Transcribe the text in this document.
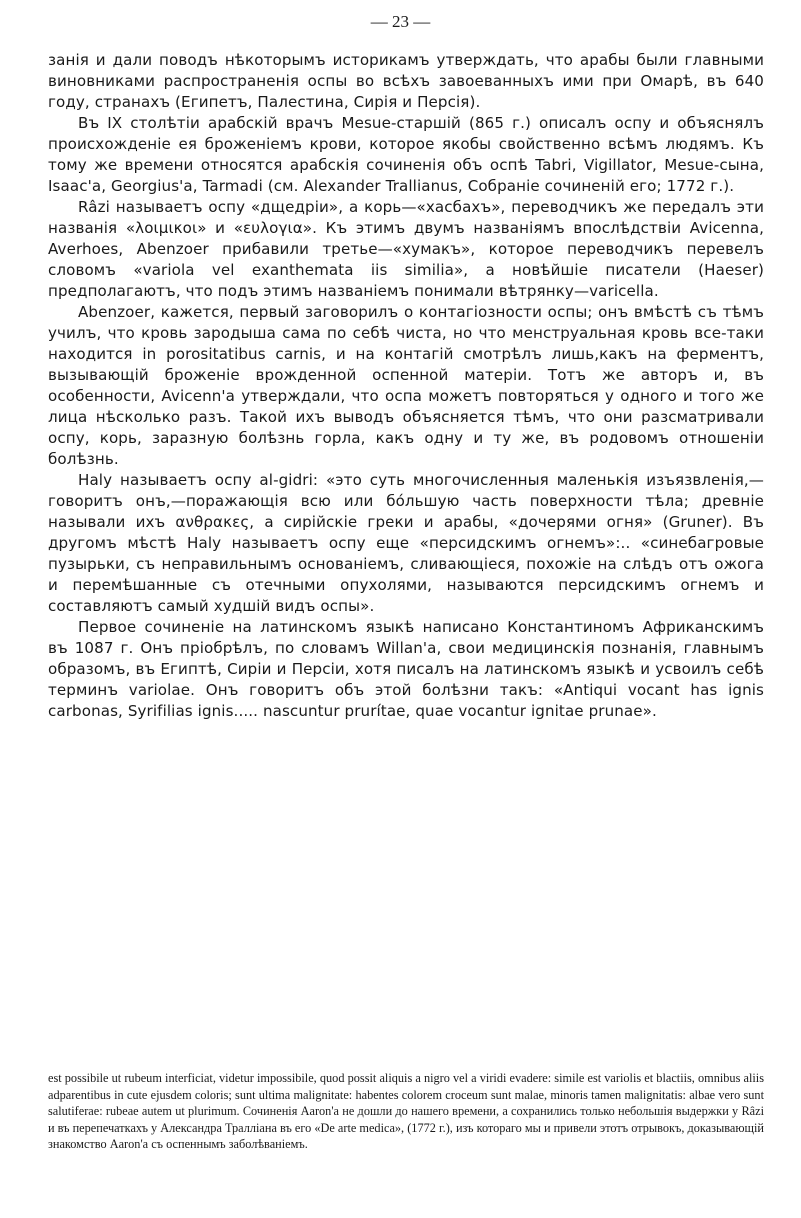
— 23 —

занія и дали поводъ нѣкоторымъ историкамъ утверждать, что арабы были главными виновниками распространенія оспы во всѣхъ завоеванныхъ ими при Омарѣ, въ 640 году, странахъ (Египетъ, Палестина, Сирія и Персія).

Въ IX столѣтіи арабскій врачъ Mesue-старшій (865 г.) описалъ оспу и объяснялъ происхожденіе ея броженіемъ крови, которое якобы свойственно всѣмъ людямъ. Къ тому же времени относятся арабскія сочиненія объ оспѣ Tabri, Vigillator, Mesue-сына, Isaac'a, Georgius'a, Tarmadi (см. Alexander Trallianus, Собраніе сочиненій его; 1772 г.).

Râzi называетъ оспу «дщедріи», а корь—«хасбахъ», переводчикъ же передалъ эти названія «λοιμικοι» и «ευλογια». Къ этимъ двумъ названіямъ впослѣдствіи Avicenna, Averhoes, Abenzoer прибавили третье—«хумакъ», которое переводчикъ перевелъ словомъ «variola vel exanthemata iis similia», а новѣйшіе писатели (Haeser) предполагаютъ, что подъ этимъ названіемъ понимали вѣтрянку—varicella.

Abenzoer, кажется, первый заговорилъ о контагіозности оспы; онъ вмѣстѣ съ тѣмъ училъ, что кровь зародыша сама по себѣ чиста, но что менструальная кровь все-таки находится in porositatibus carnis, и на контагій смотрѣлъ лишь,какъ на ферментъ, вызывающій броженіе врожденной оспенной матеріи. Тотъ же авторъ и, въ особенности, Avicenn'a утверждали, что оспа можетъ повторяться у одного и того же лица нѣсколько разъ. Такой ихъ выводъ объясняется тѣмъ, что они разсматривали оспу, корь, заразную болѣзнь горла, какъ одну и ту же, въ родовомъ отношеніи болѣзнь.

Haly называетъ оспу al-gidri: «это суть многочисленныя маленькія изъязвленія,—говоритъ онъ,—поражающія всю или бо́льшую часть поверхности тѣла; древніе называли ихъ ανθρακες, а сирійскіе греки и арабы, «дочерями огня» (Gruner). Въ другомъ мѣстѣ Haly называетъ оспу еще «персидскимъ огнемъ»:.. «синебагровые пузырьки, съ неправильнымъ основаніемъ, сливающіеся, похожіе на слѣдъ отъ ожога и перемѣшанные съ отечными опухолями, называются персидскимъ огнемъ и составляютъ самый худшій видъ оспы».

Первое сочиненіе на латинскомъ языкѣ написано Константиномъ Африканскимъ въ 1087 г. Онъ пріобрѣлъ, по словамъ Willan'a, свои медицинскія познанія, главнымъ образомъ, въ Египтѣ, Сиріи и Персіи, хотя писалъ на латинскомъ языкѣ и усвоилъ себѣ терминъ variolae. Онъ говоритъ объ этой болѣзни такъ: «Antiqui vocant has ignis carbonas, Syrifilias ignis..... nascuntur prurítae, quae vocantur ignitae prunae».

est possibile ut rubeum interficiat, videtur impossibile, quod possit aliquis a nigro vel a viridi evadere: simile est variolis et blactiis, omnibus aliis adparentibus in cute ejusdem coloris; sunt ultima malignitate: habentes colorem croceum sunt malae, minoris tamen malignitatis: albae vero sunt salutiferae: rubeae autem ut plurimum. Сочиненія Aaron'a не дошли до нашего времени, а сохранились только небольшія выдержки у Râzi и въ перепечаткахъ у Александра Траллiана въ его «De arte medica», (1772 г.), изъ котораго мы и привели этотъ отрывокъ, доказывающій знакомство Aaron'a съ оспеннымъ заболѣваніемъ.
